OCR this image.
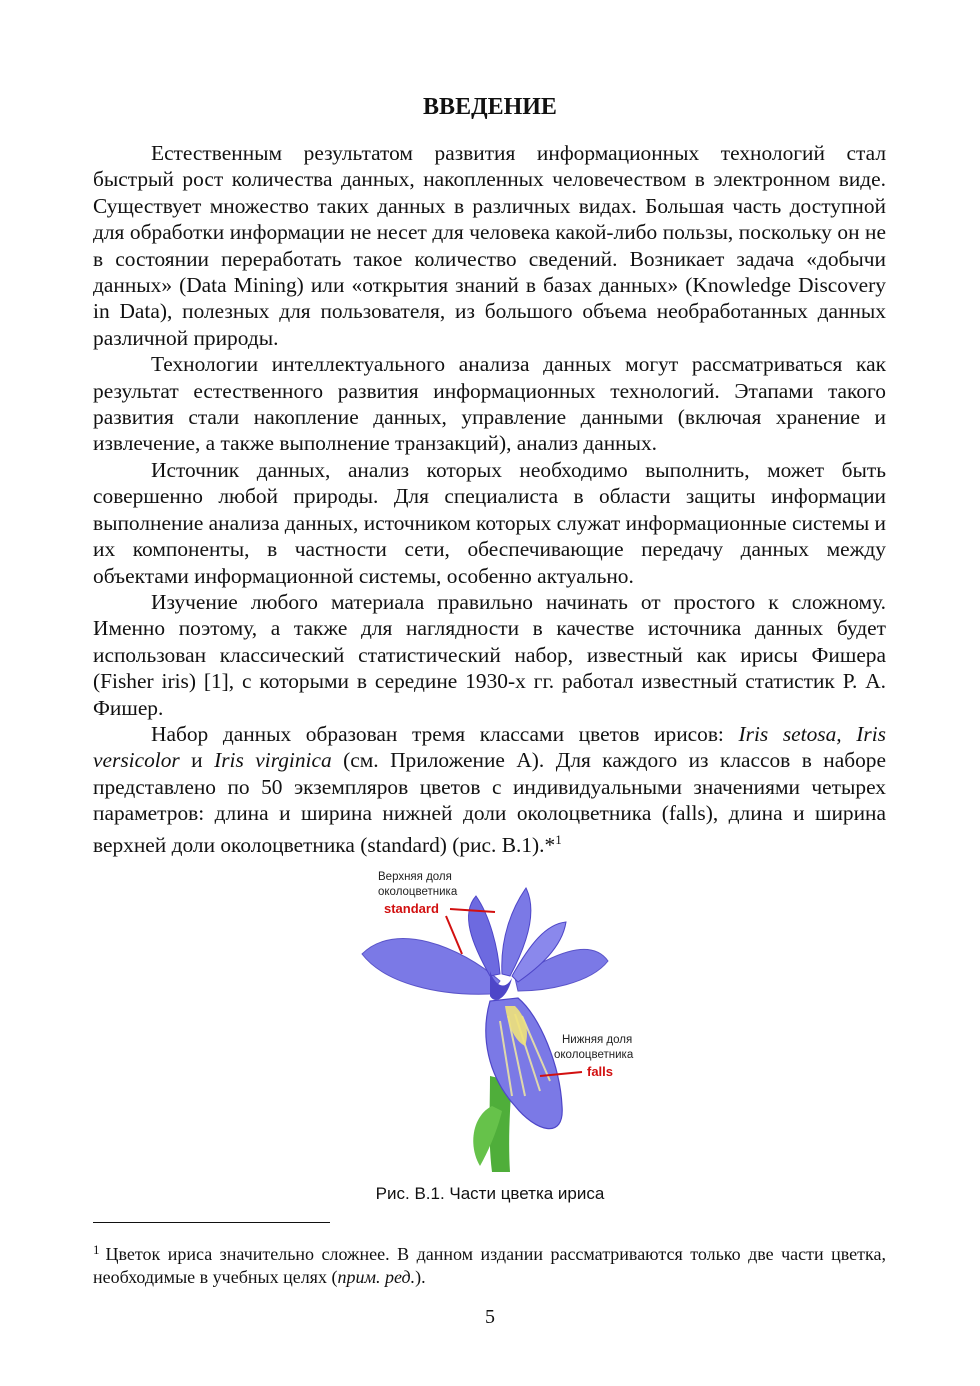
ВВЕДЕНИЕ

Естественным результатом развития информационных технологий стал быстрый рост количества данных, накопленных человечеством в электронном виде. Существует множество таких данных в различных видах. Большая часть доступной для обработки информации не несет для человека какой-либо пользы, поскольку он не в состоянии переработать такое количество сведений. Возникает задача «добычи данных» (Data Mining) или «открытия знаний в базах данных» (Knowledge Discovery in Data), полезных для пользователя, из большого объема необработанных данных различной природы.

Технологии интеллектуального анализа данных могут рассматриваться как результат естественного развития информационных технологий. Этапами такого развития стали накопление данных, управление данными (включая хранение и извлечение, а также выполнение транзакций), анализ данных.

Источник данных, анализ которых необходимо выполнить, может быть совершенно любой природы. Для специалиста в области защиты информации выполнение анализа данных, источником которых служат информационные системы и их компоненты, в частности сети, обеспечивающие передачу данных между объектами информационной системы, особенно актуально.

Изучение любого материала правильно начинать от простого к сложному. Именно поэтому, а также для наглядности в качестве источника данных будет использован классический статистический набор, известный как ирисы Фишера (Fisher iris) [1], с которыми в середине 1930-х гг. работал известный статистик Р. А. Фишер.

Набор данных образован тремя классами цветов ирисов: Iris setosa, Iris versicolor и Iris virginica (см. Приложение А). Для каждого из классов в наборе представлено по 50 экземпляров цветов с индивидуальными значениями четырех параметров: длина и ширина нижней доли околоцветника (falls), длина и ширина верхней доли околоцветника (standard) (рис. В.1).*$^1$

Верхняя доля
околоцветника
standard
Нижняя доля
околоцветника
falls
Рис. В.1. Части цветка ириса
$^1$ Цветок ириса значительно сложнее. В данном издании рассматриваются только две части цветка, необходимые в учебных целях (прим. ред.).
5
